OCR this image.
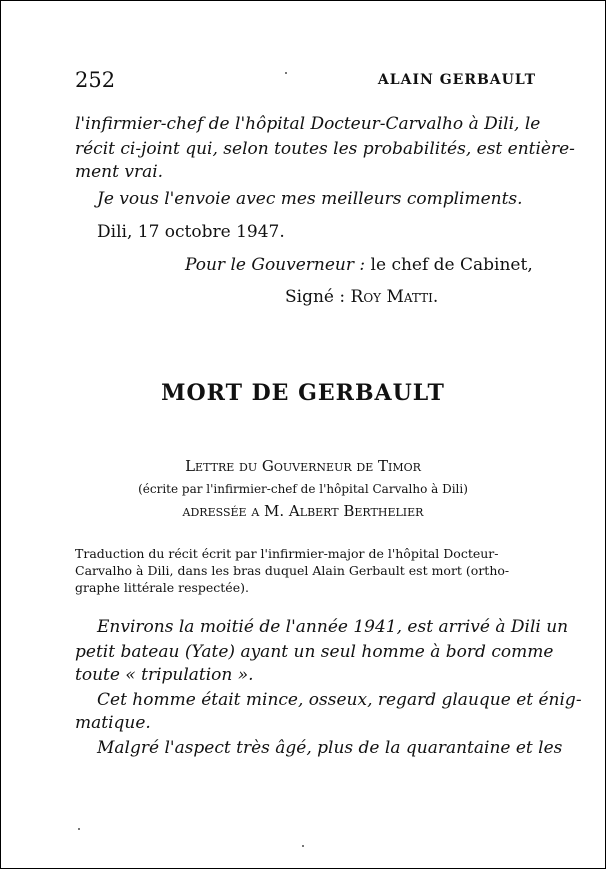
252	ALAIN GERBAULT
l'infirmier-chef de l'hôpital Docteur-Carvalho à Dili, le
récit ci-joint qui, selon toutes les probabilités, est entière-
ment vrai.
Je vous l'envoie avec mes meilleurs compliments.
Dili, 17 octobre 1947.
Pour le Gouverneur : le chef de Cabinet,
Signé : Roy Matti.
MORT DE GERBAULT
Lettre du Gouverneur de Timor
(écrite par l'infirmier-chef de l'hôpital Carvalho à Dili)
adressée a M. Albert Berthelier
Traduction du récit écrit par l'infirmier-major de l'hôpital Docteur-
Carvalho à Dili, dans les bras duquel Alain Gerbault est mort (ortho-
graphe littérale respectée).
Environs la moitié de l'année 1941, est arrivé à Dili un
petit bateau (Yate) ayant un seul homme à bord comme
toute « tripulation ».
Cet homme était mince, osseux, regard glauque et énig-
matique.
Malgré l'aspect très âgé, plus de la quarantaine et les
